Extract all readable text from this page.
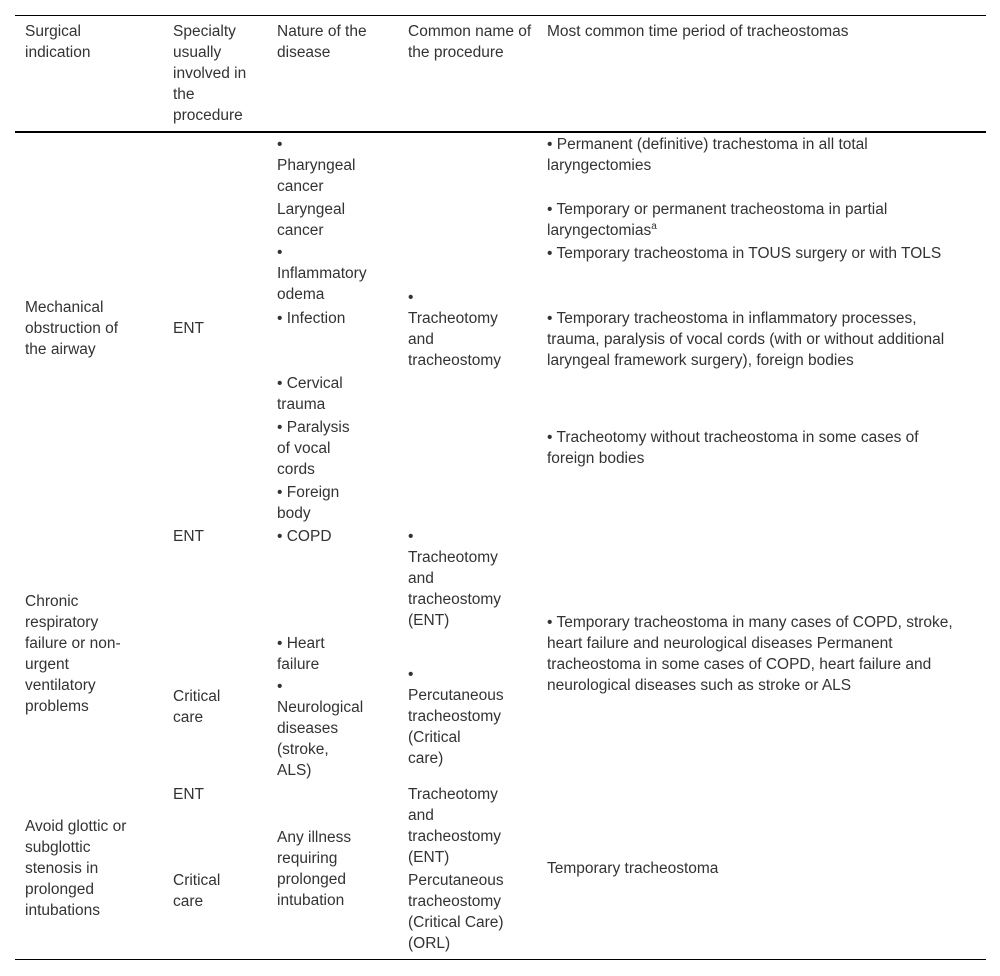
Surgical indication
Specialty usually involved in the procedure
Nature of the disease
Common name of the procedure
Most common time period of tracheostomas
Mechanical obstruction of the airway
ENT
• Pharyngeal cancer
Laryngeal cancer
• Inflammatory odema
• Infection
• Cervical trauma
• Paralysis of vocal cords
• Foreign body
• Tracheotomy and tracheostomy
• Permanent (definitive) trachestoma in all total laryngectomies
• Temporary or permanent tracheostoma in partial laryngectomias$^a$
• Temporary tracheostoma in TOUS surgery or with TOLS
• Temporary tracheostoma in inflammatory processes, trauma, paralysis of vocal cords (with or without additional laryngeal framework surgery), foreign bodies
• Tracheotomy without tracheostoma in some cases of foreign bodies
Chronic respiratory failure or non-urgent ventilatory problems
ENT
Critical care
• COPD
• Heart failure
• Neurological diseases (stroke, ALS)
• Tracheotomy and tracheostomy (ENT)
• Percutaneous tracheostomy (Critical care)
• Temporary tracheostoma in many cases of COPD, stroke, heart failure and neurological diseases Permanent tracheostoma in some cases of COPD, heart failure and neurological diseases such as stroke or ALS
Avoid glottic or subglottic stenosis in prolonged intubations
ENT
Critical care
Any illness requiring prolonged intubation
Tracheotomy and tracheostomy (ENT)
Percutaneous tracheostomy (Critical Care) (ORL)
Temporary tracheostoma
